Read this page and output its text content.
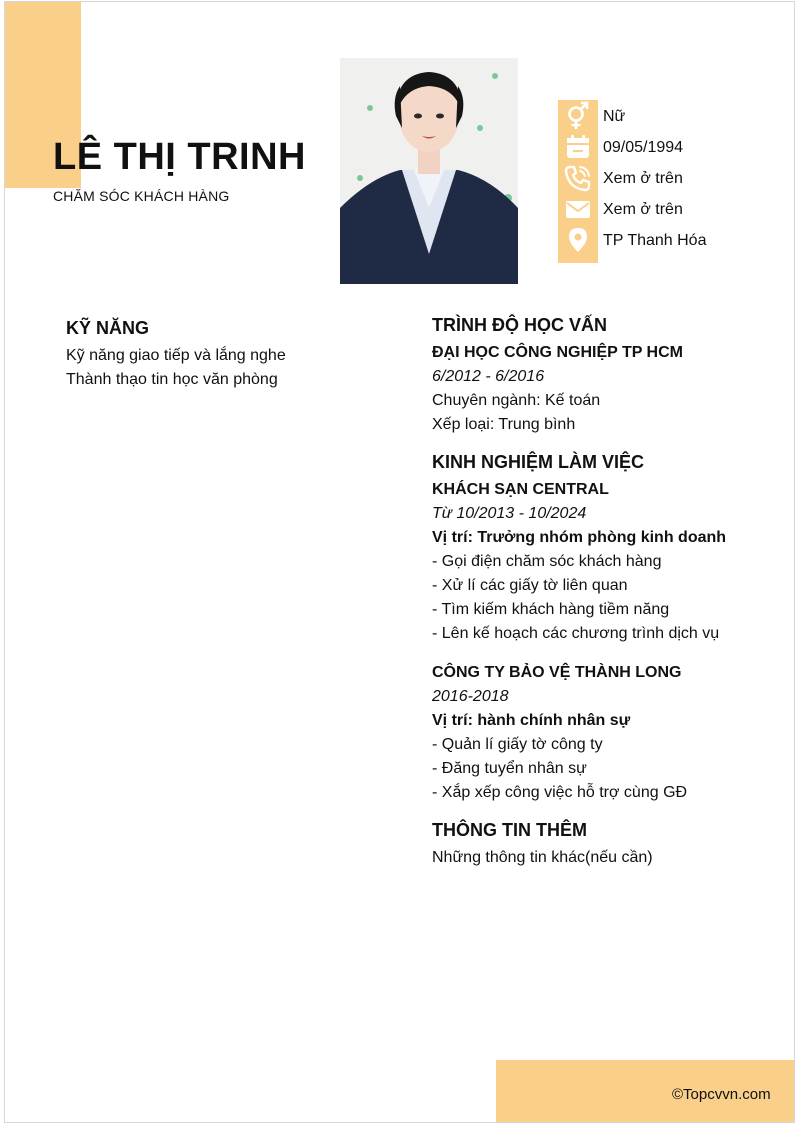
LÊ THỊ TRINH
CHĂM SÓC KHÁCH HÀNG
Nữ
09/05/1994
Xem ở trên
Xem ở trên
TP Thanh Hóa
KỸ NĂNG
Kỹ năng giao tiếp và lắng nghe
Thành thạo tin học văn phòng
TRÌNH ĐỘ HỌC VẤN
ĐẠI HỌC CÔNG NGHIỆP TP HCM
6/2012 - 6/2016
Chuyên ngành: Kế toán
Xếp loại: Trung bình
KINH NGHIỆM LÀM VIỆC
KHÁCH SẠN CENTRAL
Từ 10/2013 - 10/2024
Vị trí: Trưởng nhóm phòng kinh doanh
- Gọi điện chăm sóc khách hàng
- Xử lí các giấy tờ liên quan
- Tìm kiếm khách hàng tiềm năng
- Lên kế hoạch các chương trình dịch vụ
CÔNG TY BẢO VỆ THÀNH LONG
2016-2018
Vị trí: hành chính nhân sự
- Quản lí giấy tờ công ty
- Đăng tuyển nhân sự
- Xắp xếp công việc hỗ trợ cùng GĐ
THÔNG TIN THÊM
Những thông tin khác(nếu cần)
©Topcvvn.com
